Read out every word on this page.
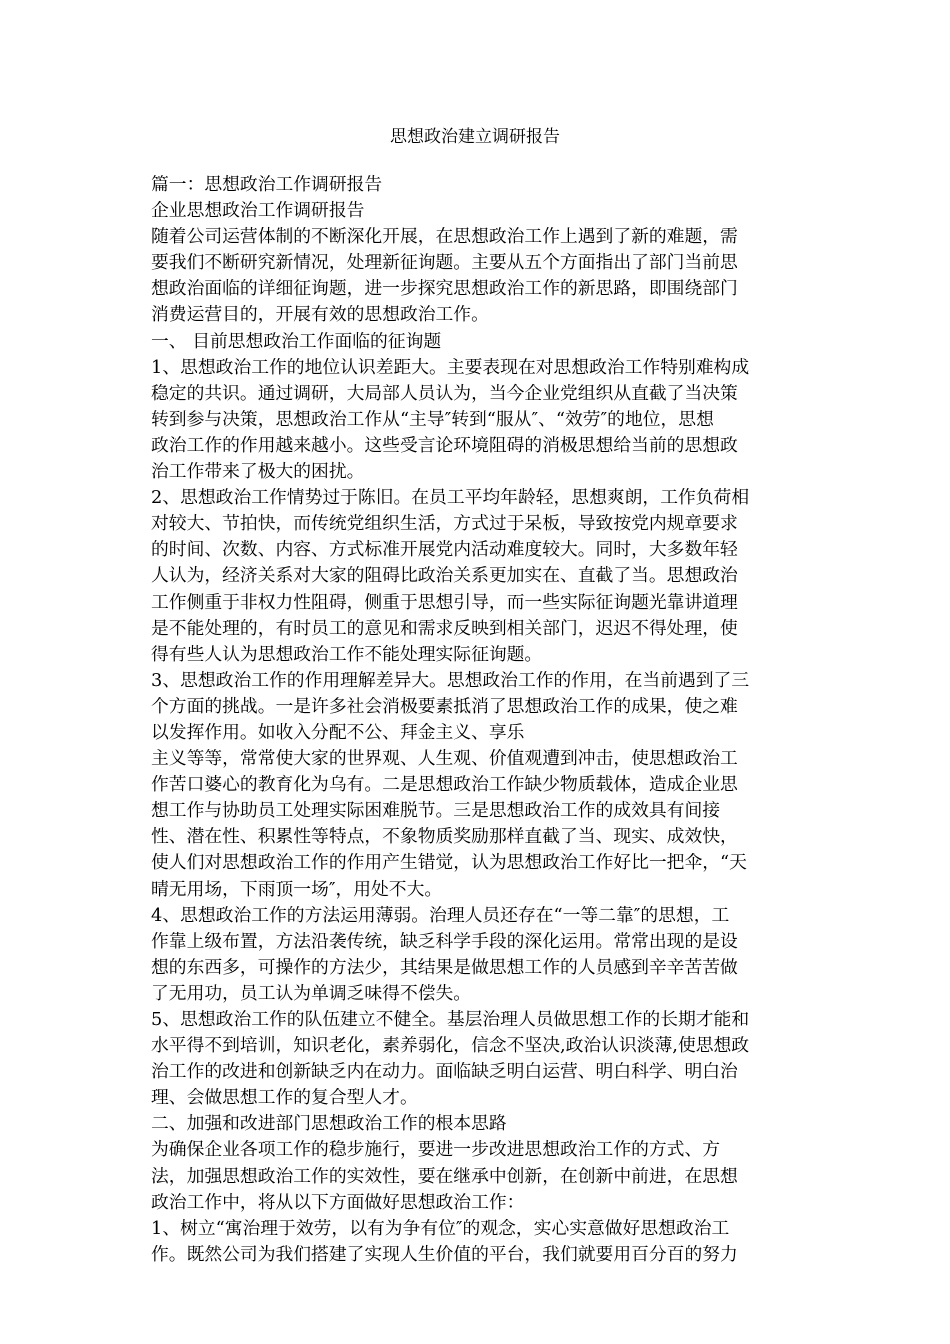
思想政治建立调研报告

篇一：思想政治工作调研报告

企业思想政治工作调研报告

随着公司运营体制的不断深化开展，在思想政治工作上遇到了新的难题，需

要我们不断研究新情况，处理新征询题。主要从五个方面指出了部门当前思

想政治面临的详细征询题，进一步探究思想政治工作的新思路，即围绕部门

消费运营目的，开展有效的思想政治工作。

一、 目前思想政治工作面临的征询题

1、思想政治工作的地位认识差距大。主要表现在对思想政治工作特别难构成

稳定的共识。通过调研，大局部人员认为，当今企业党组织从直截了当决策

转到参与决策，思想政治工作从“主导″转到“服从″、“效劳″的地位，思想

政治工作的作用越来越小。这些受言论环境阻碍的消极思想给当前的思想政

治工作带来了极大的困扰。

2、思想政治工作情势过于陈旧。在员工平均年龄轻，思想爽朗，工作负荷相

对较大、节拍快，而传统党组织生活，方式过于呆板，导致按党内规章要求

的时间、次数、内容、方式标准开展党内活动难度较大。同时，大多数年轻

人认为，经济关系对大家的阻碍比政治关系更加实在、直截了当。思想政治

工作侧重于非权力性阻碍，侧重于思想引导，而一些实际征询题光靠讲道理

是不能处理的，有时员工的意见和需求反映到相关部门，迟迟不得处理，使

得有些人认为思想政治工作不能处理实际征询题。

3、思想政治工作的作用理解差异大。思想政治工作的作用，在当前遇到了三

个方面的挑战。一是许多社会消极要素抵消了思想政治工作的成果，使之难

以发挥作用。如收入分配不公、拜金主义、享乐

主义等等，常常使大家的世界观、人生观、价值观遭到冲击，使思想政治工

作苦口婆心的教育化为乌有。二是思想政治工作缺少物质载体，造成企业思

想工作与协助员工处理实际困难脱节。三是思想政治工作的成效具有间接

性、潜在性、积累性等特点，不象物质奖励那样直截了当、现实、成效快，

使人们对思想政治工作的作用产生错觉，认为思想政治工作好比一把伞，“天

晴无用场，下雨顶一场″，用处不大。

4、思想政治工作的方法运用薄弱。治理人员还存在“一等二靠″的思想，工

作靠上级布置，方法沿袭传统，缺乏科学手段的深化运用。常常出现的是设

想的东西多，可操作的方法少，其结果是做思想工作的人员感到辛辛苦苦做

了无用功，员工认为单调乏味得不偿失。

5、思想政治工作的队伍建立不健全。基层治理人员做思想工作的长期才能和

水平得不到培训，知识老化，素养弱化，信念不坚决,政治认识淡薄,使思想政

治工作的改进和创新缺乏内在动力。面临缺乏明白运营、明白科学、明白治

理、会做思想工作的复合型人才。

二、加强和改进部门思想政治工作的根本思路

为确保企业各项工作的稳步施行，要进一步改进思想政治工作的方式、方

法，加强思想政治工作的实效性，要在继承中创新，在创新中前进，在思想

政治工作中，将从以下方面做好思想政治工作：

1、树立“寓治理于效劳，以有为争有位″的观念，实心实意做好思想政治工

作。既然公司为我们搭建了实现人生价值的平台，我们就要用百分百的努力
